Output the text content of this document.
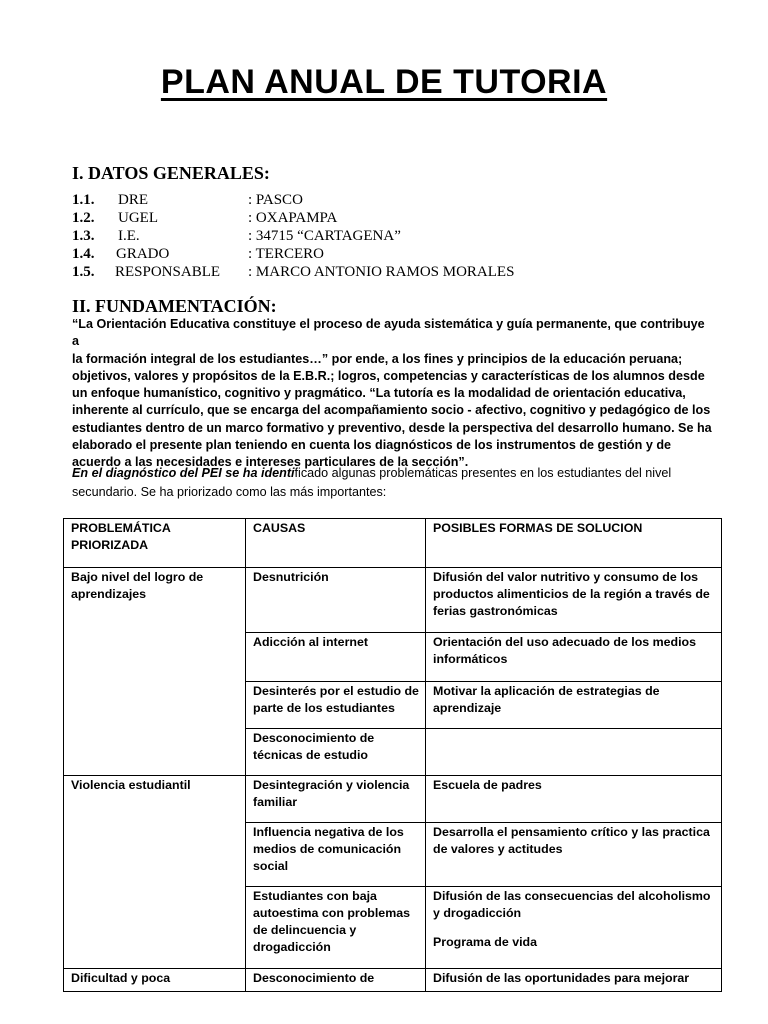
PLAN ANUAL DE TUTORIA
I. DATOS GENERALES:
1.1. DRE	: PASCO
1.2. UGEL	: OXAPAMPA
1.3. I.E.	: 34715 “CARTAGENA”
1.4. GRADO	: TERCERO
1.5. RESPONSABLE : MARCO ANTONIO RAMOS MORALES
II. FUNDAMENTACIÓN:

“La Orientación Educativa constituye el proceso de ayuda sistemática y guía permanente, que contribuye a

la formación integral de los estudiantes…” por ende, a los fines y principios de la educación peruana;

objetivos, valores y propósitos de la E.B.R.; logros, competencias y características de los alumnos desde

un enfoque humanístico, cognitivo y pragmático. “La tutoría es la modalidad de orientación educativa,

inherente al currículo, que se encarga del acompañamiento socio - afectivo, cognitivo y pedagógico de los

estudiantes dentro de un marco formativo y preventivo, desde la perspectiva del desarrollo humano. Se ha

elaborado el presente plan teniendo en cuenta los diagnósticos de los instrumentos de gestión y de

acuerdo a las necesidades e intereses particulares de la sección”.

En el diagnóstico del PEI se ha identificado algunas problemáticas presentes en los estudiantes del nivel
secundario. Se ha priorizado como las más importantes:
PROBLEMÁTICA PRIORIZADA	CAUSAS	POSIBLES FORMAS DE SOLUCION
Bajo nivel del logro de aprendizajes	Desnutrición	Difusión del valor nutritivo y consumo de los productos alimenticios de la región a través de ferias gastronómicas
	Adicción al internet	Orientación del uso adecuado de los medios informáticos
	Desinterés por el estudio de parte de los estudiantes	Motivar la aplicación de estrategias de aprendizaje
	Desconocimiento de técnicas de estudio	
Violencia estudiantil	Desintegración y violencia familiar	Escuela de padres
	Influencia negativa de los medios de comunicación social	Desarrolla el pensamiento crítico y las practica de valores y actitudes
	Estudiantes con baja autoestima con problemas de delincuencia y drogadicción	Difusión de las consecuencias del alcoholismo y drogadicción
Programa de vida
Dificultad y poca	Desconocimiento de	Difusión de las oportunidades para mejorar
